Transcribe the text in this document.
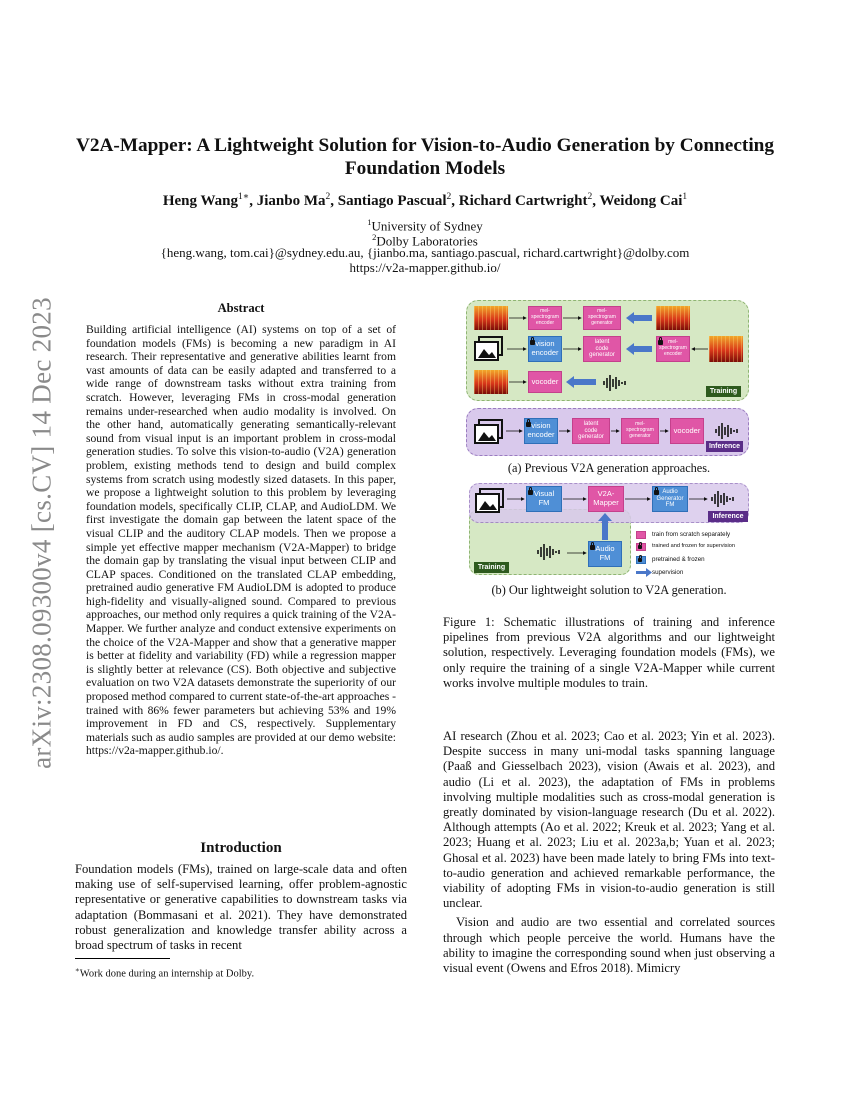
arXiv:2308.09300v4 [cs.CV] 14 Dec 2023
V2A-Mapper: A Lightweight Solution for Vision-to-Audio Generation by Connecting Foundation Models
Heng Wang$^{1∗}$, Jianbo Ma$^2$, Santiago Pascual$^2$, Richard Cartwright$^2$, Weidong Cai$^1$
$^1$University of Sydney
$^2$Dolby Laboratories
{heng.wang, tom.cai}@sydney.edu.au, {jianbo.ma, santiago.pascual, richard.cartwright}@dolby.com
https://v2a-mapper.github.io/
Abstract
Building artificial intelligence (AI) systems on top of a set of foundation models (FMs) is becoming a new paradigm in AI research. Their representative and generative abilities learnt from vast amounts of data can be easily adapted and transferred to a wide range of downstream tasks without extra training from scratch. However, leveraging FMs in cross-modal generation remains under-researched when audio modality is involved. On the other hand, automatically generating semantically-relevant sound from visual input is an important problem in cross-modal generation studies. To solve this vision-to-audio (V2A) generation problem, existing methods tend to design and build complex systems from scratch using modestly sized datasets. In this paper, we propose a lightweight solution to this problem by leveraging foundation models, specifically CLIP, CLAP, and AudioLDM. We first investigate the domain gap between the latent space of the visual CLIP and the auditory CLAP models. Then we propose a simple yet effective mapper mechanism (V2A-Mapper) to bridge the domain gap by translating the visual input between CLIP and CLAP spaces. Conditioned on the translated CLAP embedding, pretrained audio generative FM AudioLDM is adopted to produce high-fidelity and visually-aligned sound. Compared to previous approaches, our method only requires a quick training of the V2A-Mapper. We further analyze and conduct extensive experiments on the choice of the V2A-Mapper and show that a generative mapper is better at fidelity and variability (FD) while a regression mapper is slightly better at relevance (CS). Both objective and subjective evaluation on two V2A datasets demonstrate the superiority of our proposed method compared to current state-of-the-art approaches - trained with 86% fewer parameters but achieving 53% and 19% improvement in FD and CS, respectively. Supplementary materials such as audio samples are provided at our demo website: https://v2a-mapper.github.io/.
Introduction
Foundation models (FMs), trained on large-scale data and often making use of self-supervised learning, offer problem-agnostic representative or generative capabilities to downstream tasks via adaptation (Bommasani et al. 2021). They have demonstrated robust generalization and knowledge transfer ability across a broad spectrum of tasks in recent
∗Work done during an internship at Dolby.
mel-
spectrogram
encoder
mel-
spectrogram
generator
vision
encoder
latent
code
generator
mel-
spectrogram
encoder
vocoder
Training
vision
encoder
latent
code
generator
mel-
spectrogram
generator
vocoder
Inference
(a) Previous V2A generation approaches.
Visual
FM
V2A-
Mapper
Audio
Generator
FM
Inference
Audio
FM
Training
train from scratch separately
trained and frozen for supervision
pretrained & frozen
supervision
(b) Our lightweight solution to V2A generation.
Figure 1: Schematic illustrations of training and inference pipelines from previous V2A algorithms and our lightweight solution, respectively. Leveraging foundation models (FMs), we only require the training of a single V2A-Mapper while current works involve multiple modules to train.
AI research (Zhou et al. 2023; Cao et al. 2023; Yin et al. 2023). Despite success in many uni-modal tasks spanning language (Paaß and Giesselbach 2023), vision (Awais et al. 2023), and audio (Li et al. 2023), the adaptation of FMs in problems involving multiple modalities such as cross-modal generation is greatly dominated by vision-language research (Du et al. 2022). Although attempts (Ao et al. 2022; Kreuk et al. 2023; Yang et al. 2023; Huang et al. 2023; Liu et al. 2023a,b; Yuan et al. 2023; Ghosal et al. 2023) have been made lately to bring FMs into text-to-audio generation and achieved remarkable performance, the viability of adopting FMs in vision-to-audio generation is still unclear.
Vision and audio are two essential and correlated sources through which people perceive the world. Humans have the ability to imagine the corresponding sound when just observing a visual event (Owens and Efros 2018). Mimicry
